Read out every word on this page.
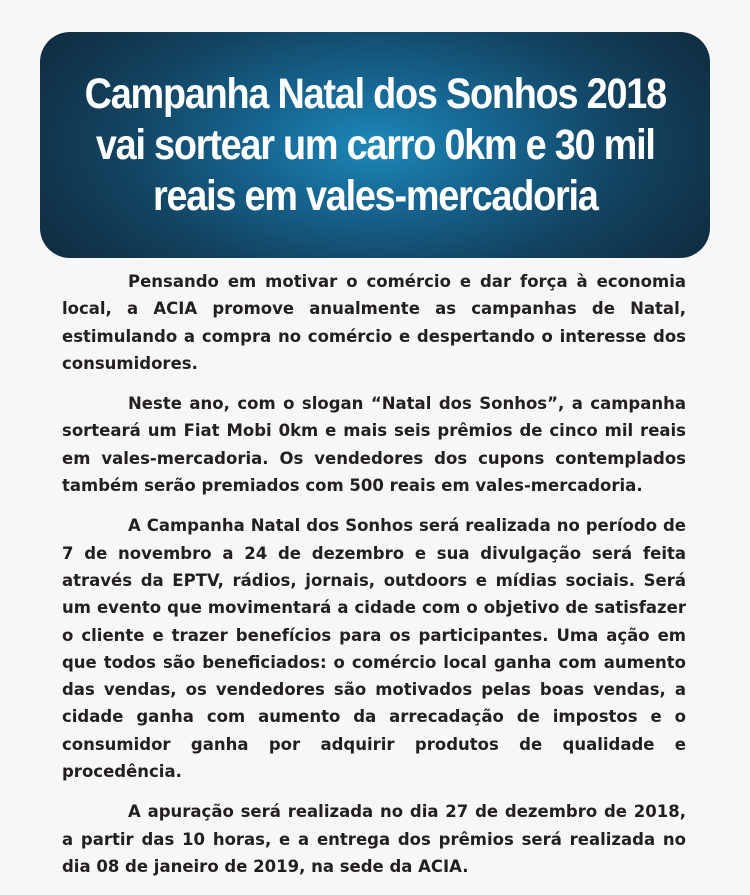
Campanha Natal dos Sonhos 2018
vai sortear um carro 0km e 30 mil
reais em vales-mercadoria

Pensando em motivar o comércio e dar força à economia local, a ACIA promove anualmente as campanhas de Natal, estimulando a compra no comércio e despertando o interesse dos consumidores.

Neste ano, com o slogan “Natal dos Sonhos”, a campanha sorteará um Fiat Mobi 0km e mais seis prêmios de cinco mil reais em vales-mercadoria. Os vendedores dos cupons contemplados também serão premiados com 500 reais em vales-mercadoria.

A Campanha Natal dos Sonhos será realizada no período de 7 de novembro a 24 de dezembro e sua divulgação será feita através da EPTV, rádios, jornais, outdoors e mídias sociais. Será um evento que movimentará a cidade com o objetivo de satisfazer o cliente e trazer benefícios para os participantes. Uma ação em que todos são beneficiados: o comércio local ganha com aumento das vendas, os vendedores são motivados pelas boas vendas, a cidade ganha com aumento da arrecadação de impostos e o consumidor ganha por adquirir produtos de qualidade e procedência.

A apuração será realizada no dia 27 de dezembro de 2018, a partir das 10 horas, e a entrega dos prêmios será realizada no dia 08 de janeiro de 2019, na sede da ACIA.
